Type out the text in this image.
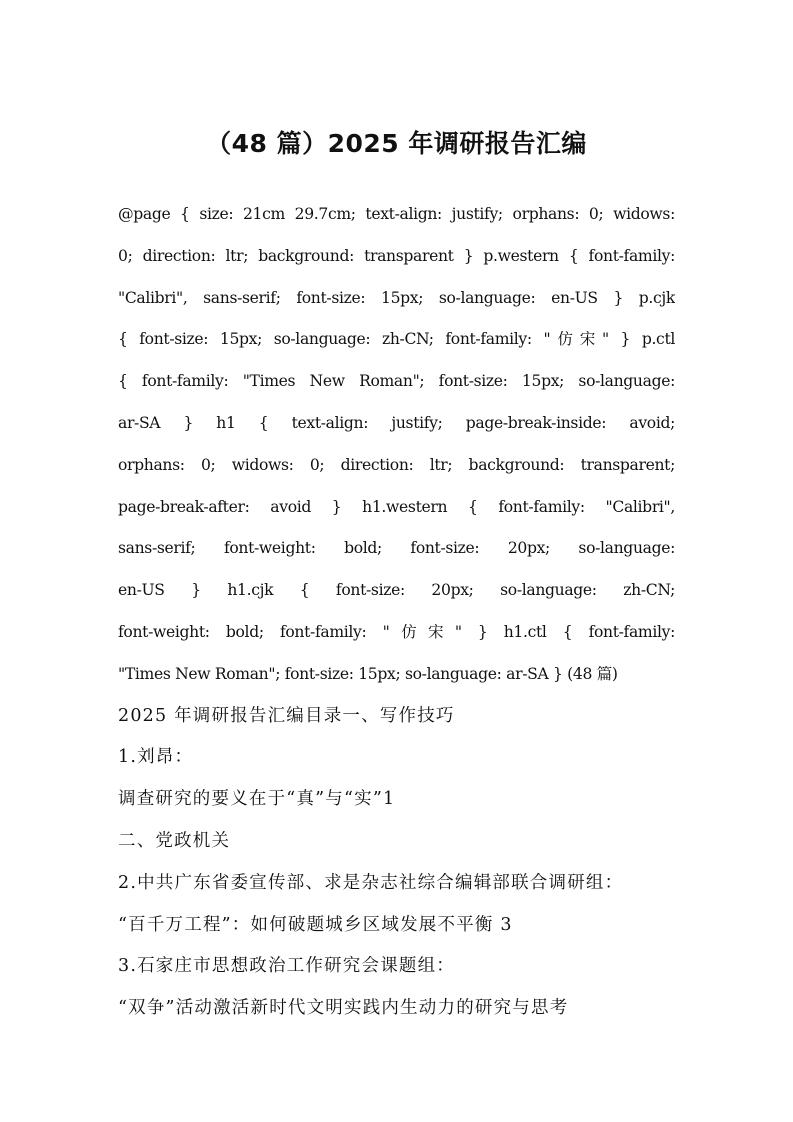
（48 篇）2025 年调研报告汇编
@page { size: 21cm 29.7cm; text-align: justify; orphans: 0; widows:
0; direction: ltr; background: transparent } p.western { font-family:
"Calibri", sans-serif; font-size: 15px; so-language: en-US } p.cjk
{ font-size: 15px; so-language: zh-CN; font-family: "仿宋" } p.ctl
{ font-family: "Times New Roman"; font-size: 15px; so-language:
ar-SA } h1 { text-align: justify; page-break-inside: avoid;
orphans: 0; widows: 0; direction: ltr; background: transparent;
page-break-after: avoid } h1.western { font-family: "Calibri",
sans-serif; font-weight: bold; font-size: 20px; so-language:
en-US } h1.cjk { font-size: 20px; so-language: zh-CN;
font-weight: bold; font-family: "仿宋" } h1.ctl { font-family:
"Times New Roman"; font-size: 15px; so-language: ar-SA } (48 篇)
2025 年调研报告汇编目录一、写作技巧
1.刘昂：
调查研究的要义在于“真”与“实”1
二、党政机关
2.中共广东省委宣传部、求是杂志社综合编辑部联合调研组：
“百千万工程”：如何破题城乡区域发展不平衡 3
3.石家庄市思想政治工作研究会课题组：
“双争”活动激活新时代文明实践内生动力的研究与思考
